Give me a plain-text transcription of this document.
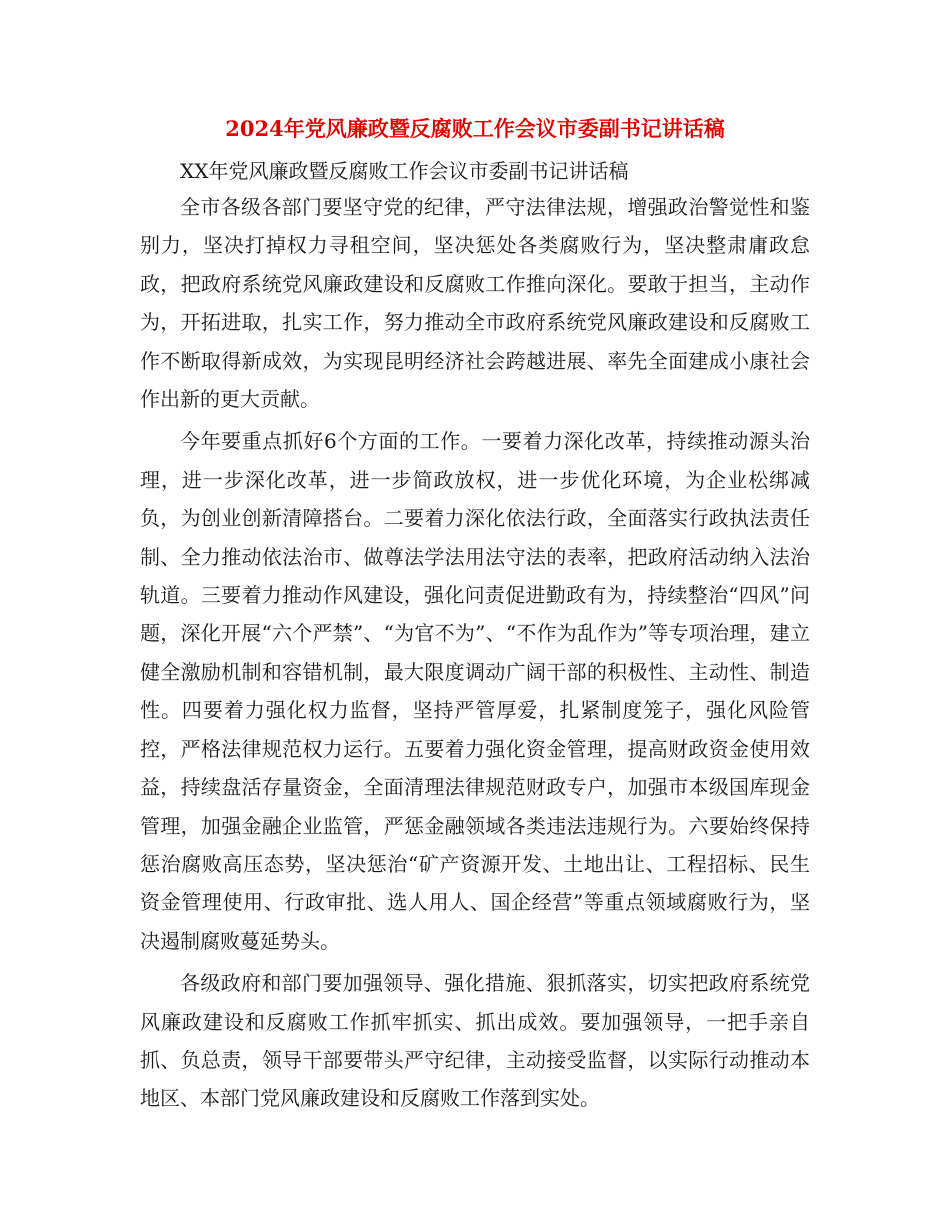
2024年党风廉政暨反腐败工作会议市委副书记讲话稿

XX年党风廉政暨反腐败工作会议市委副书记讲话稿

全市各级各部门要坚守党的纪律，严守法律法规，增强政治警觉性和鉴别力，坚决打掉权力寻租空间，坚决惩处各类腐败行为，坚决整肃庸政怠政，把政府系统党风廉政建设和反腐败工作推向深化。要敢于担当，主动作为，开拓进取，扎实工作，努力推动全市政府系统党风廉政建设和反腐败工作不断取得新成效，为实现昆明经济社会跨越进展、率先全面建成小康社会作出新的更大贡献。

今年要重点抓好6个方面的工作。一要着力深化改革，持续推动源头治理，进一步深化改革，进一步简政放权，进一步优化环境，为企业松绑减负，为创业创新清障搭台。二要着力深化依法行政，全面落实行政执法责任制、全力推动依法治市、做尊法学法用法守法的表率，把政府活动纳入法治轨道。三要着力推动作风建设，强化问责促进勤政有为，持续整治“四风”问题，深化开展“六个严禁”、“为官不为”、“不作为乱作为”等专项治理，建立健全激励机制和容错机制，最大限度调动广阔干部的积极性、主动性、制造性。四要着力强化权力监督，坚持严管厚爱，扎紧制度笼子，强化风险管控，严格法律规范权力运行。五要着力强化资金管理，提高财政资金使用效益，持续盘活存量资金，全面清理法律规范财政专户，加强市本级国库现金管理，加强金融企业监管，严惩金融领域各类违法违规行为。六要始终保持惩治腐败高压态势，坚决惩治“矿产资源开发、土地出让、工程招标、民生资金管理使用、行政审批、选人用人、国企经营”等重点领域腐败行为，坚决遏制腐败蔓延势头。

各级政府和部门要加强领导、强化措施、狠抓落实，切实把政府系统党风廉政建设和反腐败工作抓牢抓实、抓出成效。要加强领导，一把手亲自抓、负总责，领导干部要带头严守纪律，主动接受监督，以实际行动推动本地区、本部门党风廉政建设和反腐败工作落到实处。
